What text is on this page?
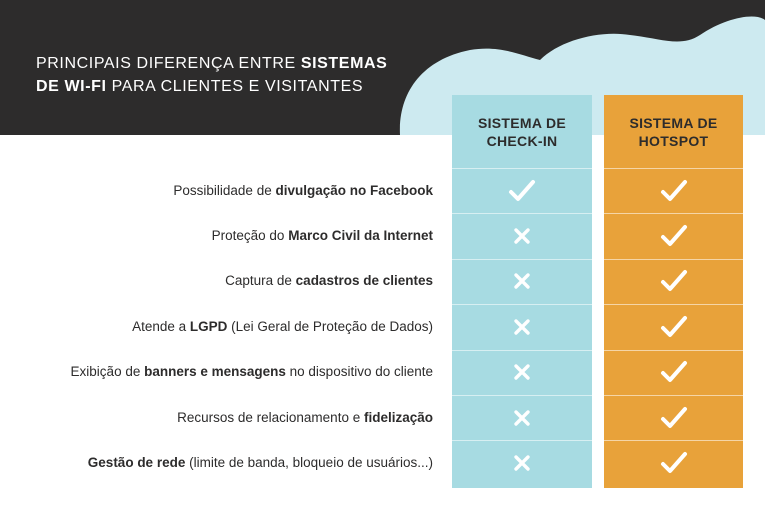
PRINCIPAIS DIFERENÇA ENTRE SISTEMAS
DE WI-FI PARA CLIENTES E VISITANTES
SISTEMA DE CHECK-IN
SISTEMA DE HOTSPOT
Possibilidade de divulgação no Facebook
Proteção do Marco Civil da Internet
Captura de cadastros de clientes
Atende a LGPD (Lei Geral de Proteção de Dados)
Exibição de banners e mensagens no dispositivo do cliente
Recursos de relacionamento e fidelização
Gestão de rede (limite de banda, bloqueio de usuários...)
